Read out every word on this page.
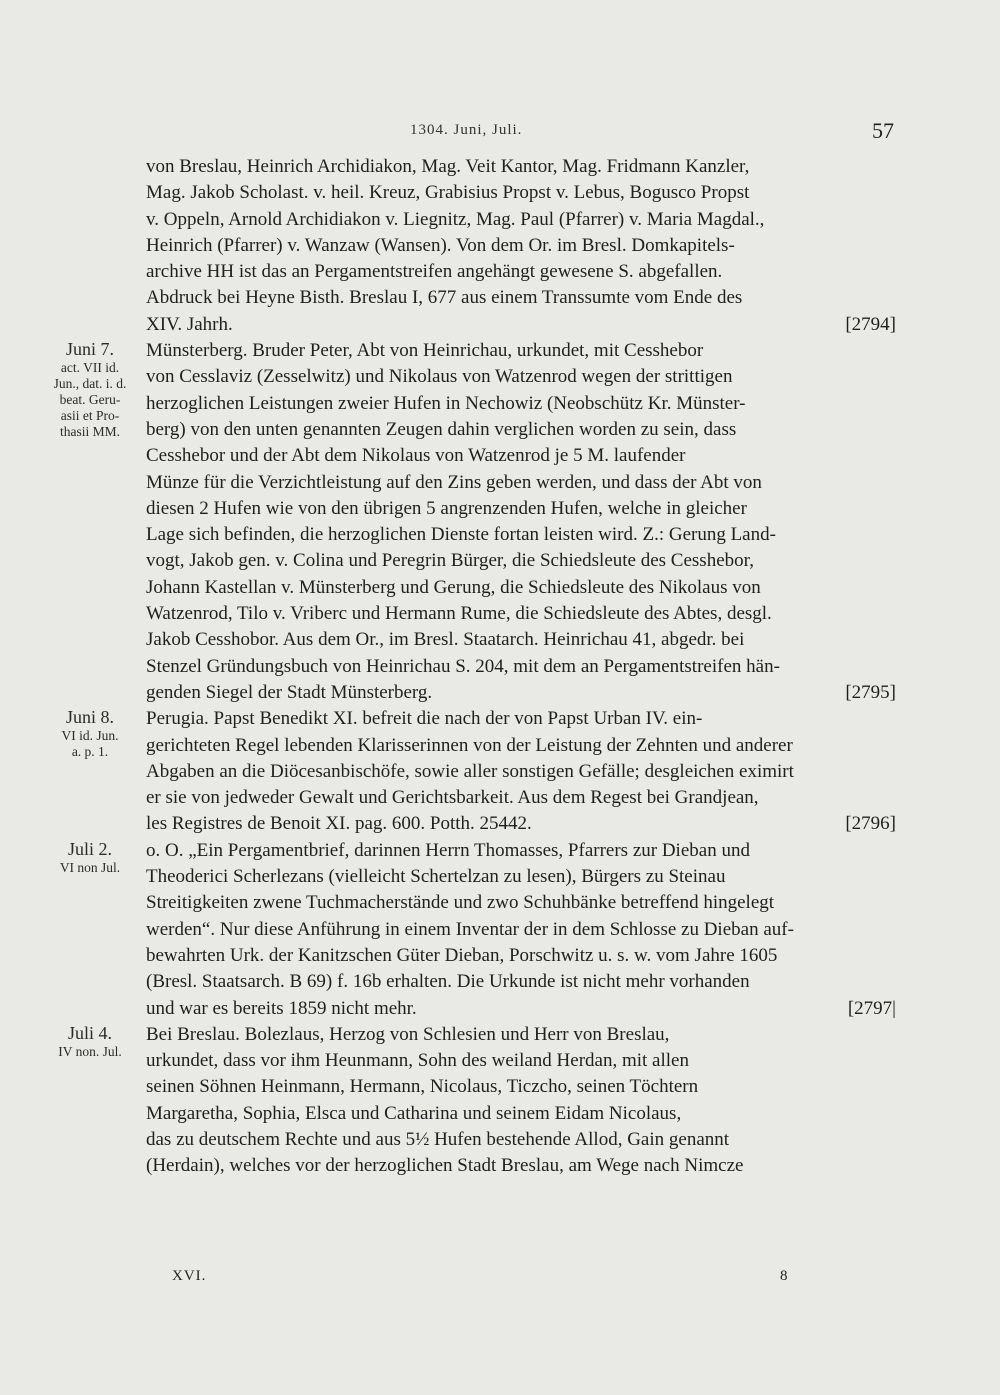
1304. Juni, Juli.	57
von Breslau, Heinrich Archidiakon, Mag. Veit Kantor, Mag. Fridmann Kanzler,
Mag. Jakob Scholast. v. heil. Kreuz, Grabisius Propst v. Lebus, Bogusco Propst
v. Oppeln, Arnold Archidiakon v. Liegnitz, Mag. Paul (Pfarrer) v. Maria Magdal.,
Heinrich (Pfarrer) v. Wanzaw (Wansen). Von dem Or. im Bresl. Domkapitels-
archive HH ist das an Pergamentstreifen angehängt gewesene S. abgefallen.
Abdruck bei Heyne Bisth. Breslau I, 677 aus einem Transsumte vom Ende des
XIV. Jahrh.	[2794]
Juni 7.
act. VII id.
Jun., dat. i. d.
beat. Geru-
asii et Pro-
thasii MM.
Münsterberg. Bruder Peter, Abt von Heinrichau, urkundet, mit Cesshebor
von Cesslaviz (Zesselwitz) und Nikolaus von Watzenrod wegen der strittigen
herzoglichen Leistungen zweier Hufen in Nechowiz (Neobschütz Kr. Münster-
berg) von den unten genannten Zeugen dahin verglichen worden zu sein, dass
Cesshebor und der Abt dem Nikolaus von Watzenrod je 5 M. laufender
Münze für die Verzichtleistung auf den Zins geben werden, und dass der Abt von
diesen 2 Hufen wie von den übrigen 5 angrenzenden Hufen, welche in gleicher
Lage sich befinden, die herzoglichen Dienste fortan leisten wird. Z.: Gerung Land-
vogt, Jakob gen. v. Colina und Peregrin Bürger, die Schiedsleute des Cesshebor,
Johann Kastellan v. Münsterberg und Gerung, die Schiedsleute des Nikolaus von
Watzenrod, Tilo v. Vriberc und Hermann Rume, die Schiedsleute des Abtes, desgl.
Jakob Cesshobor. Aus dem Or., im Bresl. Staatarch. Heinrichau 41, abgedr. bei
Stenzel Gründungsbuch von Heinrichau S. 204, mit dem an Pergamentstreifen hän-
genden Siegel der Stadt Münsterberg.	[2795]
Juni 8.
VI id. Jun.
a. p. 1.
Perugia. Papst Benedikt XI. befreit die nach der von Papst Urban IV. ein-
gerichteten Regel lebenden Klarisserinnen von der Leistung der Zehnten und anderer
Abgaben an die Diöcesanbischöfe, sowie aller sonstigen Gefälle; desgleichen eximirt
er sie von jedweder Gewalt und Gerichtsbarkeit. Aus dem Regest bei Grandjean,
les Registres de Benoit XI. pag. 600. Potth. 25442.	[2796]
Juli 2.
VI non Jul.
o. O. „Ein Pergamentbrief, darinnen Herrn Thomasses, Pfarrers zur Dieban und
Theoderici Scherlezans (vielleicht Schertelzan zu lesen), Bürgers zu Steinau
Streitigkeiten zwene Tuchmacherstände und zwo Schuhbänke betreffend hingelegt
werden“. Nur diese Anführung in einem Inventar der in dem Schlosse zu Dieban auf-
bewahrten Urk. der Kanitzschen Güter Dieban, Porschwitz u. s. w. vom Jahre 1605
(Bresl. Staatsarch. B 69) f. 16b erhalten. Die Urkunde ist nicht mehr vorhanden
und war es bereits 1859 nicht mehr.	[2797|
Juli 4.
IV non. Jul.
Bei Breslau. Bolezlaus, Herzog von Schlesien und Herr von Breslau,
urkundet, dass vor ihm Heunmann, Sohn des weiland Herdan, mit allen
seinen Söhnen Heinmann, Hermann, Nicolaus, Ticzcho, seinen Töchtern
Margaretha, Sophia, Elsca und Catharina und seinem Eidam Nicolaus,
das zu deutschem Rechte und aus 5½ Hufen bestehende Allod, Gain genannt
(Herdain), welches vor der herzoglichen Stadt Breslau, am Wege nach Nimcze
XVI.	8
